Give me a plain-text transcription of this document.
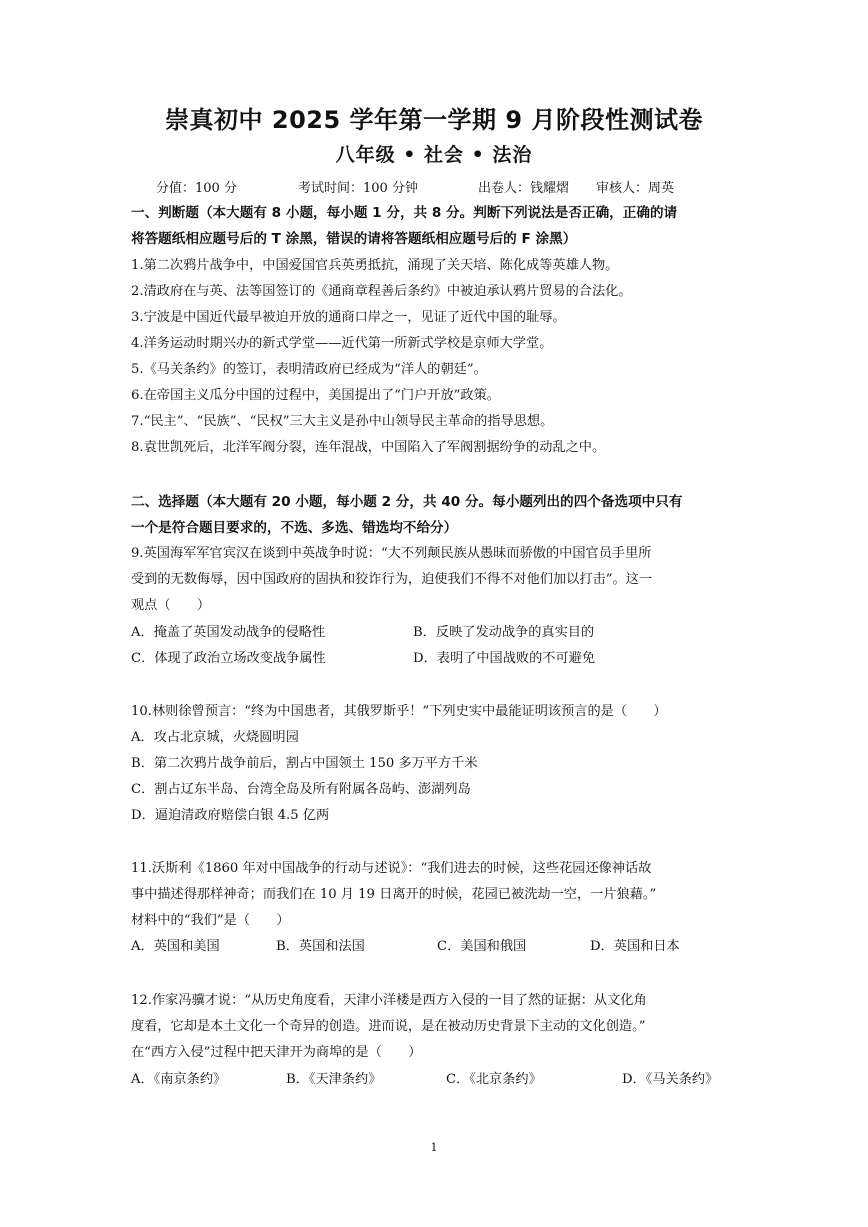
崇真初中 2025 学年第一学期 9 月阶段性测试卷
八年级 • 社会 • 法治
分值：100 分	考试时间：100 分钟	出卷人：钱耀熠 审核人：周英
一、判断题（本大题有 8 小题，每小题 1 分，共 8 分。判断下列说法是否正确，正确的请
将答题纸相应题号后的 T 涂黑，错误的请将答题纸相应题号后的 F 涂黑）
1.第二次鸦片战争中，中国爱国官兵英勇抵抗，涌现了关天培、陈化成等英雄人物。
2.清政府在与英、法等国签订的《通商章程善后条约》中被迫承认鸦片贸易的合法化。
3.宁波是中国近代最早被迫开放的通商口岸之一，见证了近代中国的耻辱。
4.洋务运动时期兴办的新式学堂——近代第一所新式学校是京师大学堂。
5.《马关条约》的签订，表明清政府已经成为“洋人的朝廷”。
6.在帝国主义瓜分中国的过程中，美国提出了“门户开放”政策。
7.“民主”、“民族”、“民权”三大主义是孙中山领导民主革命的指导思想。
8.袁世凯死后，北洋军阀分裂，连年混战，中国陷入了军阀割据纷争的动乱之中。
二、选择题（本大题有 20 小题，每小题 2 分，共 40 分。每小题列出的四个备选项中只有
一个是符合题目要求的，不选、多选、错选均不给分）
9.英国海军军官宾汉在谈到中英战争时说：“大不列颠民族从愚昧而骄傲的中国官员手里所
受到的无数侮辱，因中国政府的固执和狡诈行为，迫使我们不得不对他们加以打击”。这一
观点（　　）
A．掩盖了英国发动战争的侵略性	B．反映了发动战争的真实目的
C．体现了政治立场改变战争属性	D．表明了中国战败的不可避免
10.林则徐曾预言：“终为中国患者，其俄罗斯乎！”下列史实中最能证明该预言的是（　　）
A．攻占北京城，火烧圆明园
B．第二次鸦片战争前后，割占中国领土 150 多万平方千米
C．割占辽东半岛、台湾全岛及所有附属各岛屿、澎湖列岛
D．逼迫清政府赔偿白银 4.5 亿两
11.沃斯利《1860 年对中国战争的行动与述说》：“我们进去的时候，这些花园还像神话故
事中描述得那样神奇；而我们在 10 月 19 日离开的时候，花园已被洗劫一空，一片狼藉。”
材料中的“我们”是（　　）
A．英国和美国	B．英国和法国	C．美国和俄国	D．英国和日本
12.作家冯骥才说：“从历史角度看，天津小洋楼是西方入侵的一目了然的证据：从文化角
度看，它却是本土文化一个奇异的创造。进而说，是在被动历史背景下主动的文化创造。”
在“西方入侵”过程中把天津开为商埠的是（　　）
A．《南京条约》	B．《天津条约》	C．《北京条约》	D．《马关条约》
1
